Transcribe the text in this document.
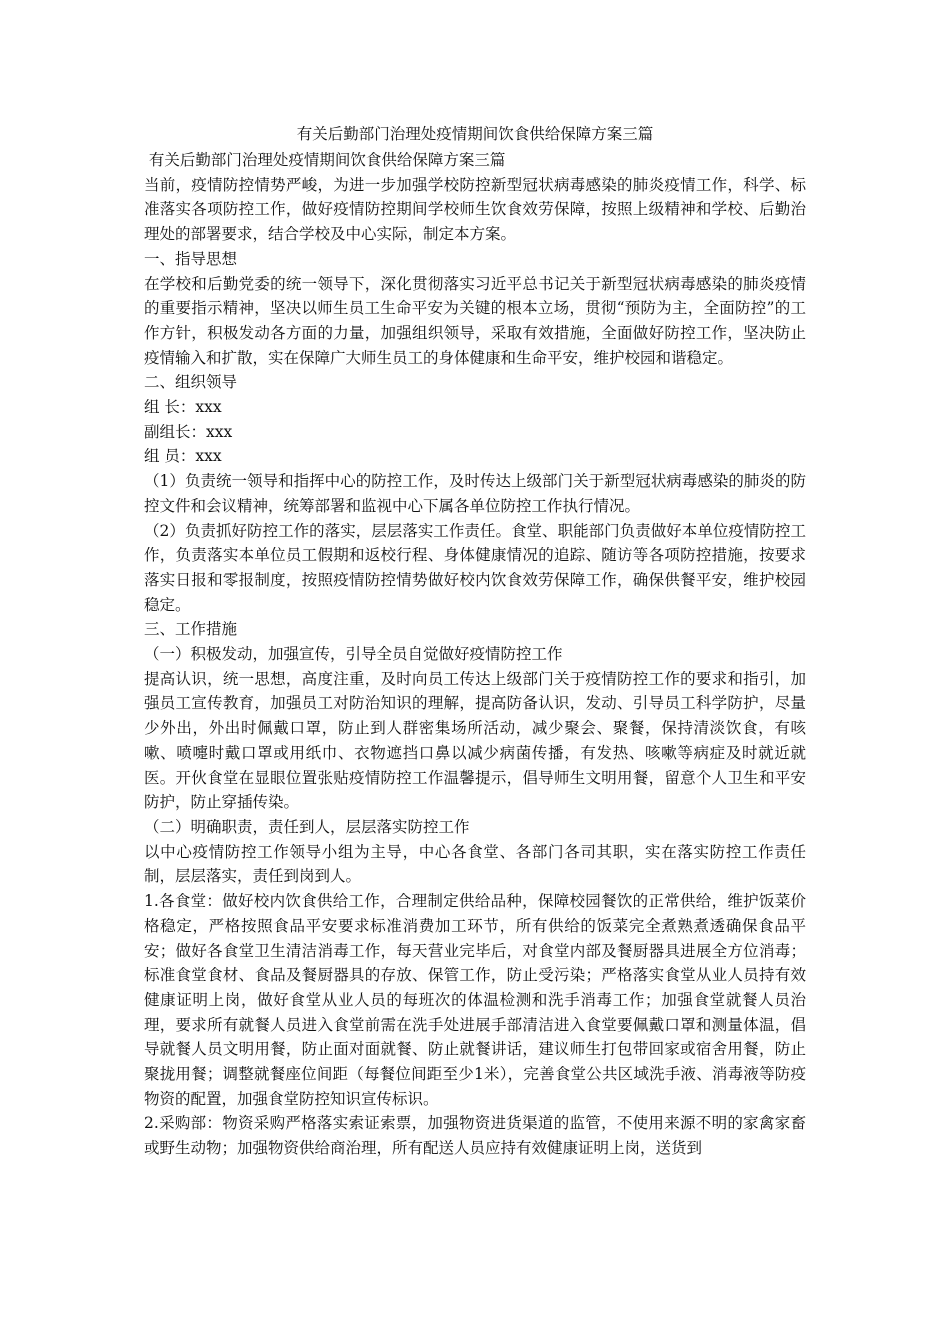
有关后勤部门治理处疫情期间饮食供给保障方案三篇

有关后勤部门治理处疫情期间饮食供给保障方案三篇

当前，疫情防控情势严峻，为进一步加强学校防控新型冠状病毒感染的肺炎疫情工作，科学、标准落实各项防控工作，做好疫情防控期间学校师生饮食效劳保障，按照上级精神和学校、后勤治理处的部署要求，结合学校及中心实际，制定本方案。

一、指导思想

在学校和后勤党委的统一领导下，深化贯彻落实习近平总书记关于新型冠状病毒感染的肺炎疫情的重要指示精神，坚决以师生员工生命平安为关键的根本立场，贯彻“预防为主，全面防控”的工作方针，积极发动各方面的力量，加强组织领导，采取有效措施，全面做好防控工作，坚决防止疫情输入和扩散，实在保障广大师生员工的身体健康和生命平安，维护校园和谐稳定。

二、组织领导

组 长：xxx

副组长：xxx

组 员：xxx

（1）负责统一领导和指挥中心的防控工作，及时传达上级部门关于新型冠状病毒感染的肺炎的防控文件和会议精神，统筹部署和监视中心下属各单位防控工作执行情况。

（2）负责抓好防控工作的落实，层层落实工作责任。食堂、职能部门负责做好本单位疫情防控工作，负责落实本单位员工假期和返校行程、身体健康情况的追踪、随访等各项防控措施，按要求落实日报和零报制度，按照疫情防控情势做好校内饮食效劳保障工作，确保供餐平安，维护校园稳定。

三、工作措施

（一）积极发动，加强宣传，引导全员自觉做好疫情防控工作

提高认识，统一思想，高度注重，及时向员工传达上级部门关于疫情防控工作的要求和指引，加强员工宣传教育，加强员工对防治知识的理解，提高防备认识，发动、引导员工科学防护，尽量少外出，外出时佩戴口罩，防止到人群密集场所活动，减少聚会、聚餐，保持清淡饮食，有咳嗽、喷嚏时戴口罩或用纸巾、衣物遮挡口鼻以减少病菌传播，有发热、咳嗽等病症及时就近就医。开伙食堂在显眼位置张贴疫情防控工作温馨提示，倡导师生文明用餐，留意个人卫生和平安防护，防止穿插传染。

（二）明确职责，责任到人，层层落实防控工作

以中心疫情防控工作领导小组为主导，中心各食堂、各部门各司其职，实在落实防控工作责任制，层层落实，责任到岗到人。

1.各食堂：做好校内饮食供给工作，合理制定供给品种，保障校园餐饮的正常供给，维护饭菜价格稳定，严格按照食品平安要求标准消费加工环节，所有供给的饭菜完全煮熟煮透确保食品平安；做好各食堂卫生清洁消毒工作，每天营业完毕后，对食堂内部及餐厨器具进展全方位消毒；标准食堂食材、食品及餐厨器具的存放、保管工作，防止受污染；严格落实食堂从业人员持有效健康证明上岗，做好食堂从业人员的每班次的体温检测和洗手消毒工作；加强食堂就餐人员治理，要求所有就餐人员进入食堂前需在洗手处进展手部清洁进入食堂要佩戴口罩和测量体温，倡导就餐人员文明用餐，防止面对面就餐、防止就餐讲话，建议师生打包带回家或宿舍用餐，防止聚拢用餐；调整就餐座位间距（每餐位间距至少1米），完善食堂公共区域洗手液、消毒液等防疫物资的配置，加强食堂防控知识宣传标识。

2.采购部：物资采购严格落实索证索票，加强物资进货渠道的监管，不使用来源不明的家禽家畜或野生动物；加强物资供给商治理，所有配送人员应持有效健康证明上岗，送货到
